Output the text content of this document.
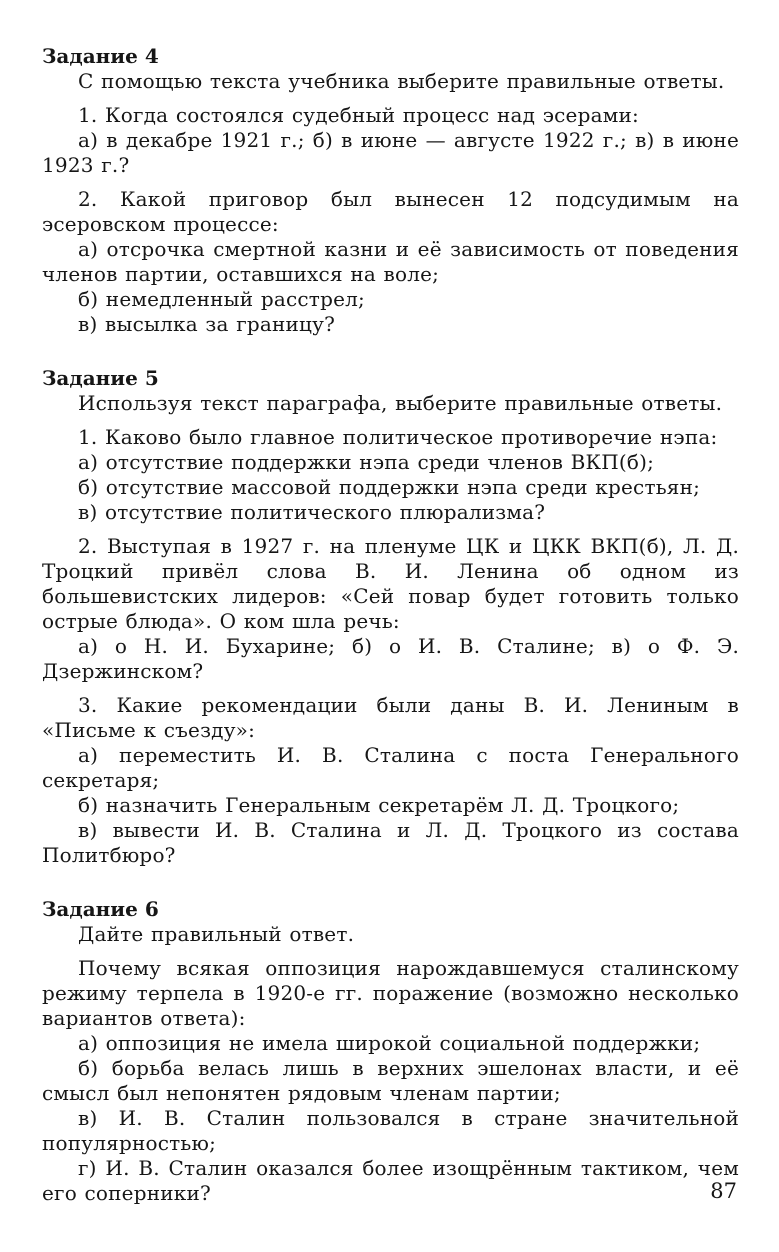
Задание 4

С помощью текста учебника выберите правильные ответы.

1. Когда состоялся судебный процесс над эсерами:

а) в декабре 1921 г.; б) в июне — августе 1922 г.; в) в июне 1923 г.?

2. Какой приговор был вынесен 12 подсудимым на эсеровском процессе:

а) отсрочка смертной казни и её зависимость от поведения членов партии, оставшихся на воле;

б) немедленный расстрел;

в) высылка за границу?

Задание 5

Используя текст параграфа, выберите правильные ответы.

1. Каково было главное политическое противоречие нэпа:

а) отсутствие поддержки нэпа среди членов ВКП(б);

б) отсутствие массовой поддержки нэпа среди крестьян;

в) отсутствие политического плюрализма?

2. Выступая в 1927 г. на пленуме ЦК и ЦКК ВКП(б), Л. Д. Троцкий привёл слова В. И. Ленина об одном из большевистских лидеров: «Сей повар будет готовить только острые блюда». О ком шла речь:

а) о Н. И. Бухарине; б) о И. В. Сталине; в) о Ф. Э. Дзержинском?

3. Какие рекомендации были даны В. И. Лениным в «Письме к съезду»:

а) переместить И. В. Сталина с поста Генерального секретаря;

б) назначить Генеральным секретарём Л. Д. Троцкого;

в) вывести И. В. Сталина и Л. Д. Троцкого из состава Политбюро?

Задание 6

Дайте правильный ответ.

Почему всякая оппозиция нарождавшемуся сталинскому режиму терпела в 1920-е гг. поражение (возможно несколько вариантов ответа):

а) оппозиция не имела широкой социальной поддержки;

б) борьба велась лишь в верхних эшелонах власти, и её смысл был непонятен рядовым членам партии;

в) И. В. Сталин пользовался в стране значительной популярностью;

г) И. В. Сталин оказался более изощрённым тактиком, чем его соперники?	87
